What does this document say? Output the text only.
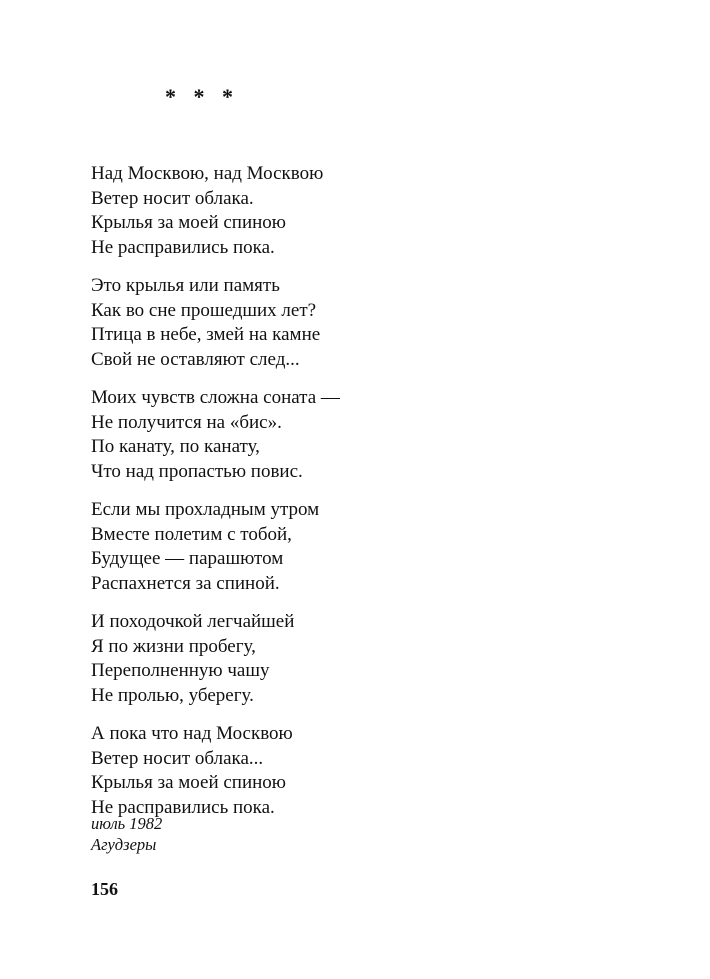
* * *
Над Москвою, над Москвою
Ветер носит облака.
Крылья за моей спиною
Не расправились пока.
Это крылья или память
Как во сне прошедших лет?
Птица в небе, змей на камне
Свой не оставляют след...
Моих чувств сложна соната —
Не получится на «бис».
По канату, по канату,
Что над пропастью повис.
Если мы прохладным утром
Вместе полетим с тобой,
Будущее — парашютом
Распахнется за спиной.
И походочкой легчайшей
Я по жизни пробегу,
Переполненную чашу
Не пролью, уберегу.
А пока что над Москвою
Ветер носит облака...
Крылья за моей спиною
Не расправились пока.
июль 1982
Агудзеры
156
